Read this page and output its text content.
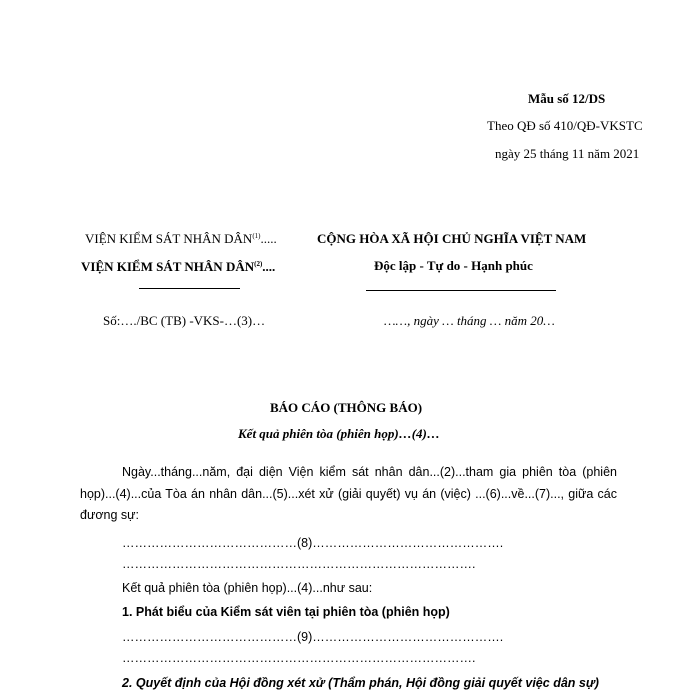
Mẫu số 12/DS
Theo QĐ số 410/QĐ-VKSTC
ngày 25 tháng 11 năm 2021
VIỆN KIỂM SÁT NHÂN DÂN$^{(1)}$.....
VIỆN KIỂM SÁT NHÂN DÂN$^{(2)}$....
Số:…./BC (TB) -VKS-…(3)…
CỘNG HÒA XÃ HỘI CHỦ NGHĨA VIỆT NAM
Độc lập - Tự do - Hạnh phúc
……, ngày … tháng … năm 20…
BÁO CÁO (THÔNG BÁO)
Kết quả phiên tòa (phiên họp)…(4)…
Ngày...tháng...năm, đại diện Viện kiểm sát nhân dân...(2)...tham gia phiên tòa (phiên họp)...(4)...của Tòa án nhân dân...(5)...xét xử (giải quyết) vụ án (việc) ...(6)...về...(7)..., giữa các đương sự:
……………………………………(8)……………………………………….
………………………………………………………………………….
Kết quả phiên tòa (phiên họp)...(4)...như sau:
1. Phát biểu của Kiểm sát viên tại phiên tòa (phiên họp)
……………………………………(9)……………………………………….
………………………………………………………………………….
2. Quyết định của Hội đồng xét xử (Thẩm phán, Hội đồng giải quyết việc dân sự)
